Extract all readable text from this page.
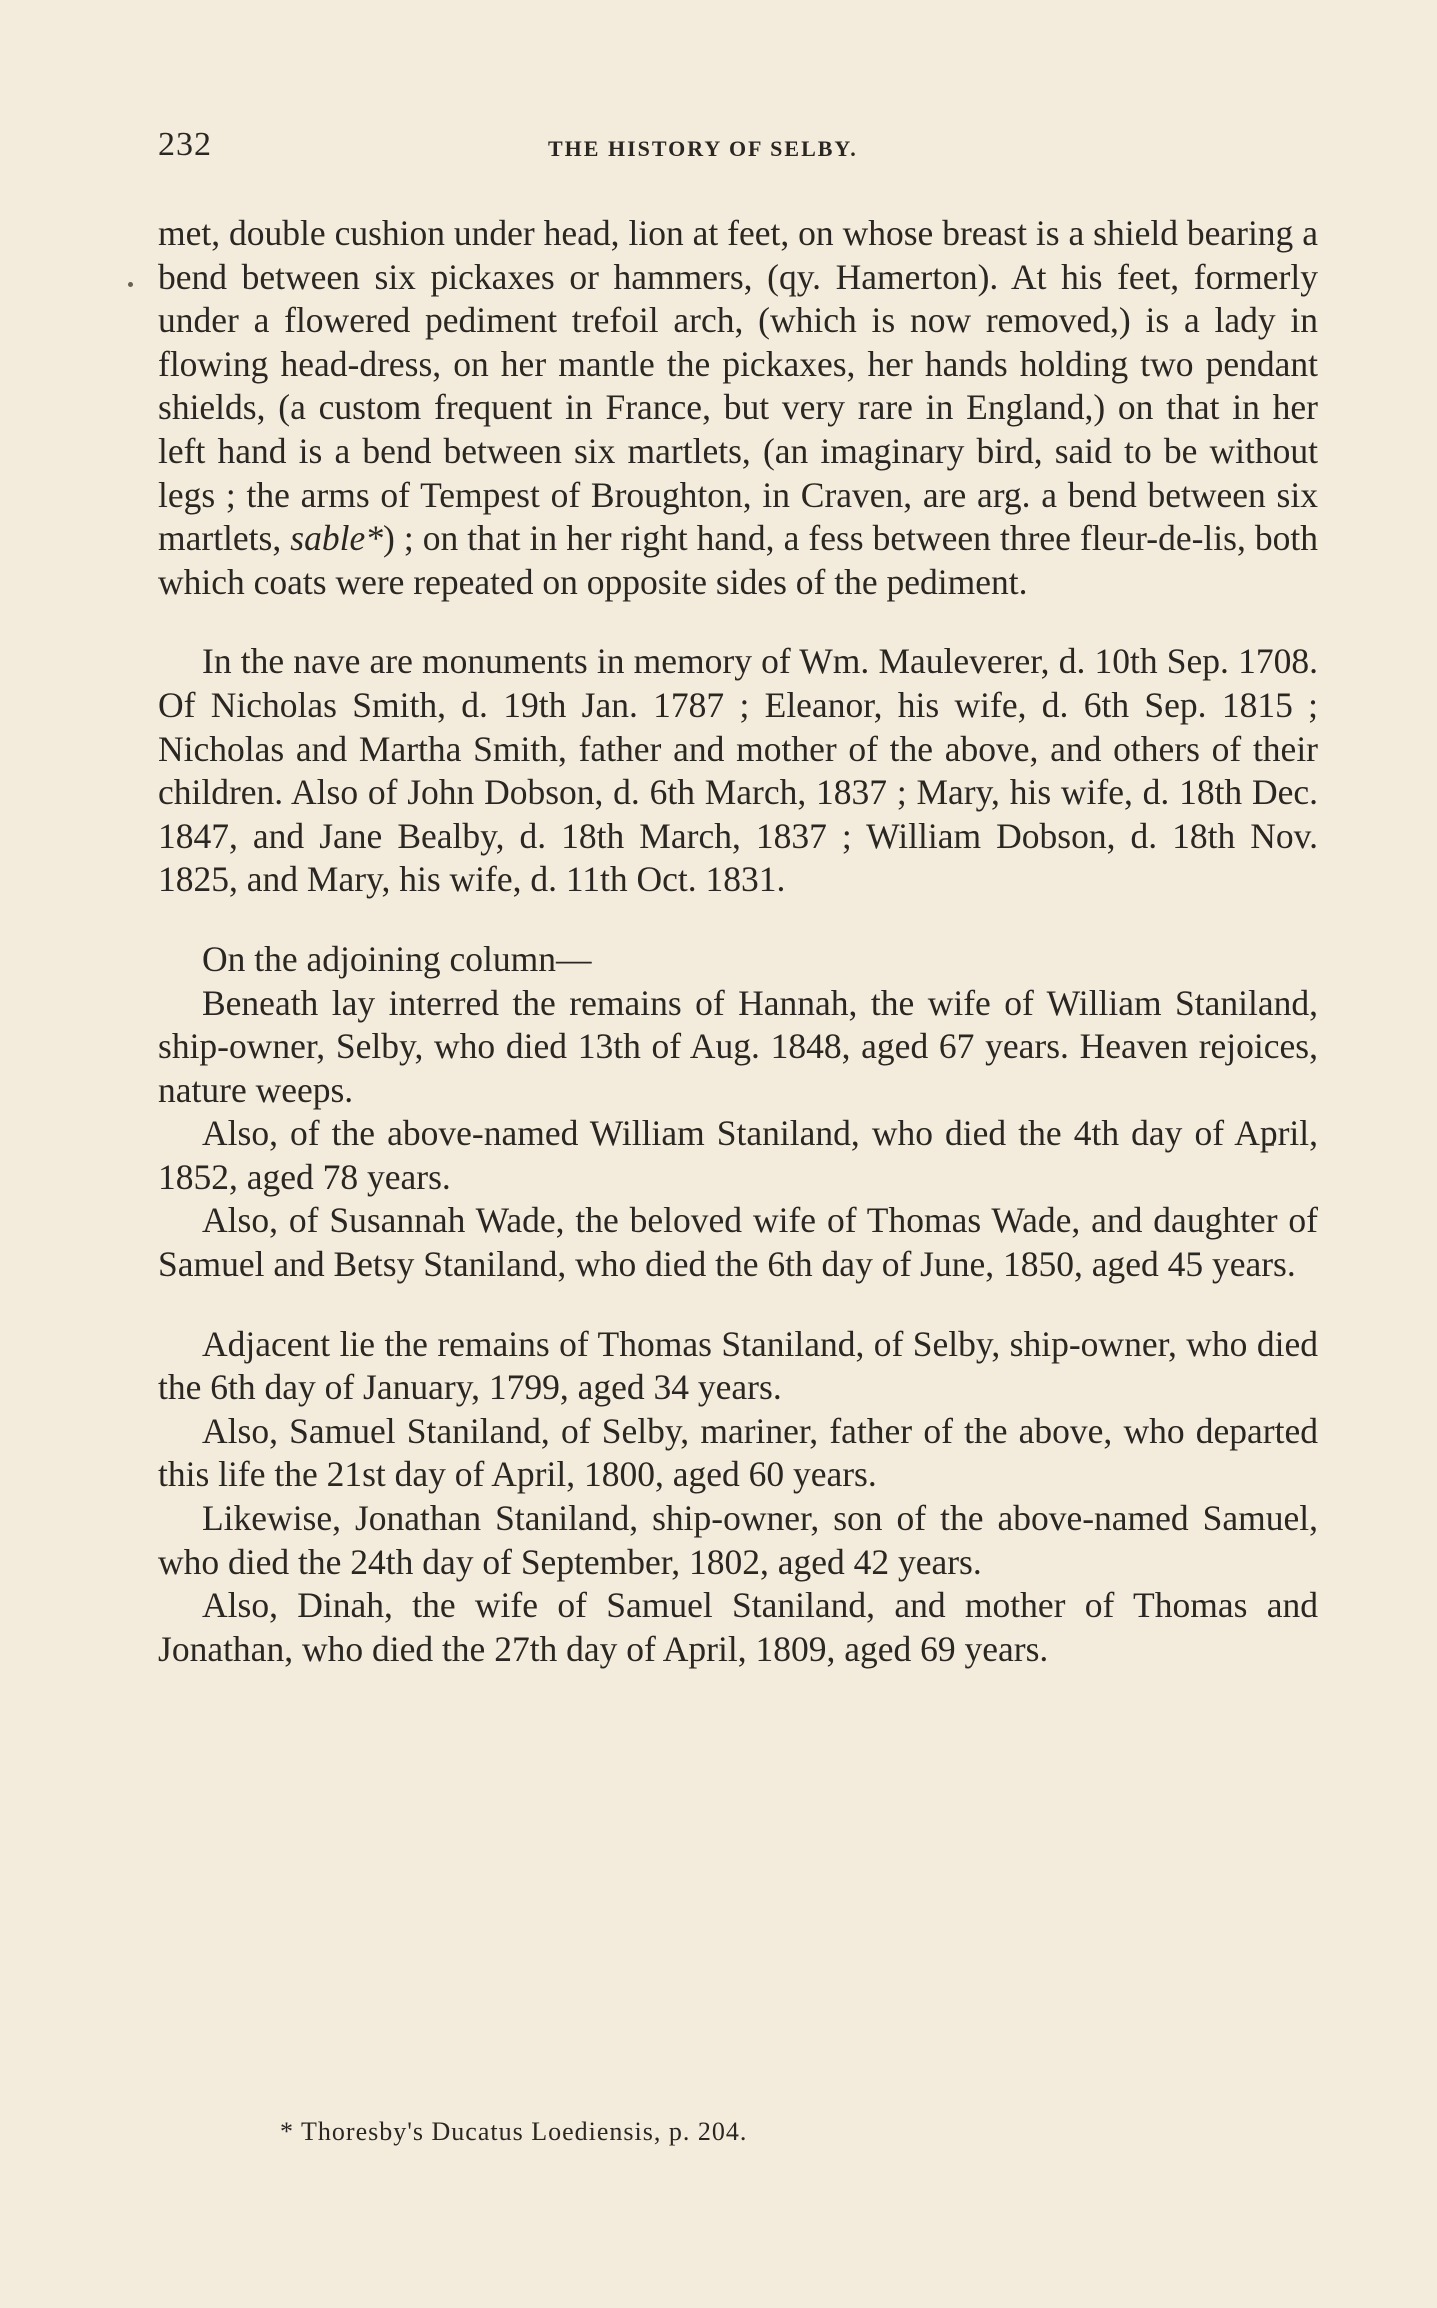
232	THE HISTORY OF SELBY.

met, double cushion under head, lion at feet, on whose breast is a shield bearing a bend between six pickaxes or hammers, (qy. Hamerton). At his feet, formerly under a flowered pediment trefoil arch, (which is now removed,) is a lady in flowing head-dress, on her mantle the pickaxes, her hands holding two pendant shields, (a custom frequent in France, but very rare in England,) on that in her left hand is a bend between six martlets, (an imaginary bird, said to be without legs ; the arms of Tempest of Broughton, in Craven, are arg. a bend between six martlets, sable*) ; on that in her right hand, a fess between three fleur-de-lis, both which coats were repeated on opposite sides of the pediment.

In the nave are monuments in memory of Wm. Mauleverer, d. 10th Sep. 1708. Of Nicholas Smith, d. 19th Jan. 1787 ; Eleanor, his wife, d. 6th Sep. 1815 ; Nicholas and Martha Smith, father and mother of the above, and others of their children. Also of John Dobson, d. 6th March, 1837 ; Mary, his wife, d. 18th Dec. 1847, and Jane Bealby, d. 18th March, 1837 ; William Dobson, d. 18th Nov. 1825, and Mary, his wife, d. 11th Oct. 1831.

On the adjoining column—

Beneath lay interred the remains of Hannah, the wife of William Staniland, ship-owner, Selby, who died 13th of Aug. 1848, aged 67 years. Heaven rejoices, nature weeps.

Also, of the above-named William Staniland, who died the 4th day of April, 1852, aged 78 years.

Also, of Susannah Wade, the beloved wife of Thomas Wade, and daughter of Samuel and Betsy Staniland, who died the 6th day of June, 1850, aged 45 years.

Adjacent lie the remains of Thomas Staniland, of Selby, ship-owner, who died the 6th day of January, 1799, aged 34 years.

Also, Samuel Staniland, of Selby, mariner, father of the above, who departed this life the 21st day of April, 1800, aged 60 years.

Likewise, Jonathan Staniland, ship-owner, son of the above-named Samuel, who died the 24th day of September, 1802, aged 42 years.

Also, Dinah, the wife of Samuel Staniland, and mother of Thomas and Jonathan, who died the 27th day of April, 1809, aged 69 years.

* Thoresby's Ducatus Loediensis, p. 204.
